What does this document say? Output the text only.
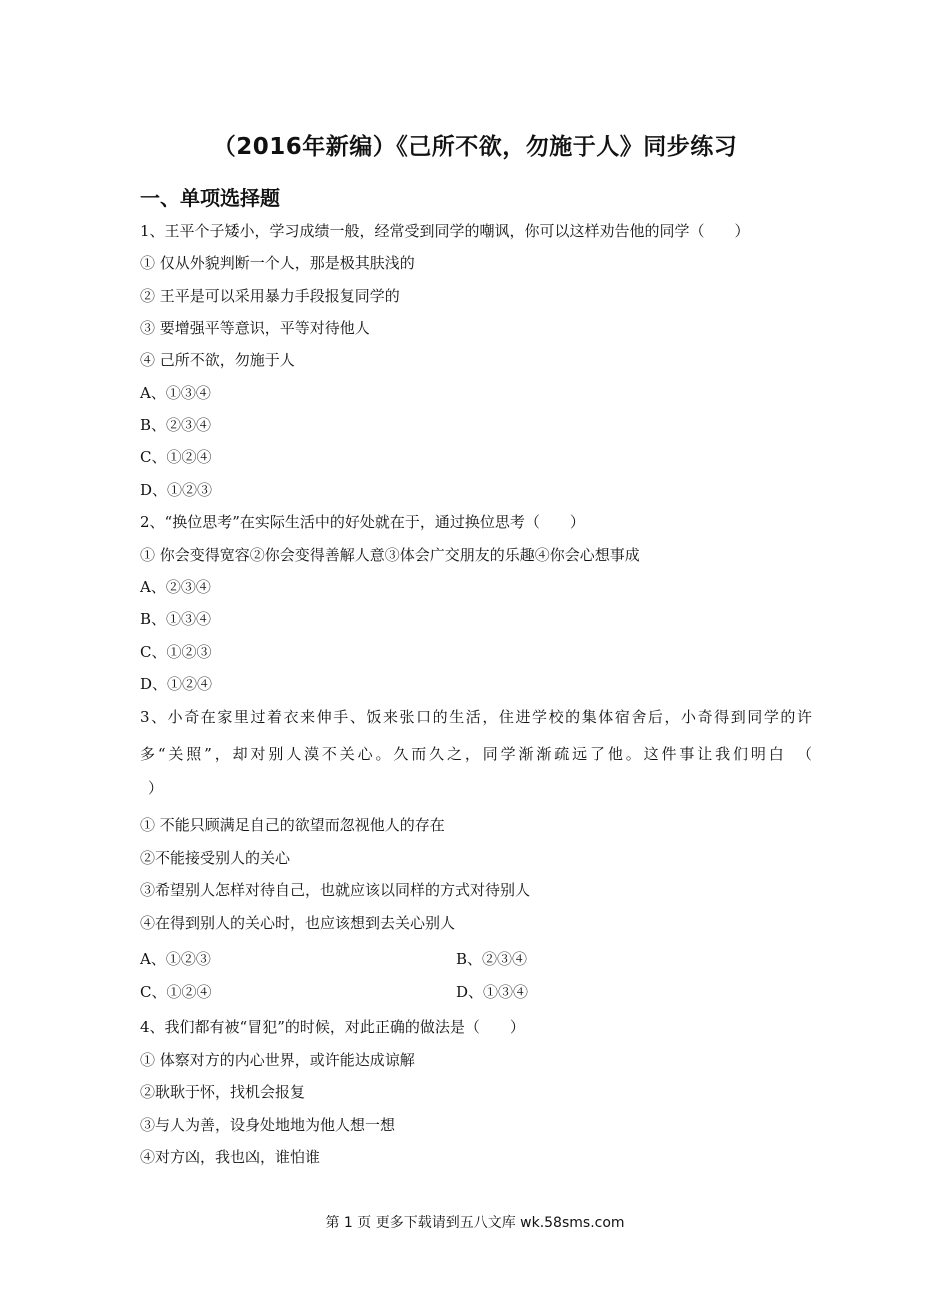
（2016年新编）《己所不欲，勿施于人》同步练习
一、单项选择题
1、王平个子矮小，学习成绩一般，经常受到同学的嘲讽，你可以这样劝告他的同学（　　）
① 仅从外貌判断一个人，那是极其肤浅的
② 王平是可以采用暴力手段报复同学的
③ 要增强平等意识，平等对待他人
④ 己所不欲，勿施于人
A、①③④
B、②③④
C、①②④
D、①②③
2、“换位思考”在实际生活中的好处就在于，通过换位思考（　　）
① 你会变得宽容②你会变得善解人意③体会广交朋友的乐趣④你会心想事成
A、②③④
B、①③④
C、①②③
D、①②④
3、小奇在家里过着衣来伸手、饭来张口的生活，住进学校的集体宿舍后，小奇得到同学的许
多“关照”，却对别人漠不关心。久而久之，同学渐渐疏远了他。这件事让我们明白　（
）
① 不能只顾满足自己的欲望而忽视他人的存在
②不能接受别人的关心
③希望别人怎样对待自己，也就应该以同样的方式对待别人
④在得到别人的关心时，也应该想到去关心别人
A、①②③	B、②③④
C、①②④	D、①③④
4、我们都有被“冒犯”的时候，对此正确的做法是（　　）
① 体察对方的内心世界，或许能达成谅解
②耿耿于怀，找机会报复
③与人为善，设身处地地为他人想一想
④对方凶，我也凶，谁怕谁
第 1 页 更多下载请到五八文库 wk.58sms.com
